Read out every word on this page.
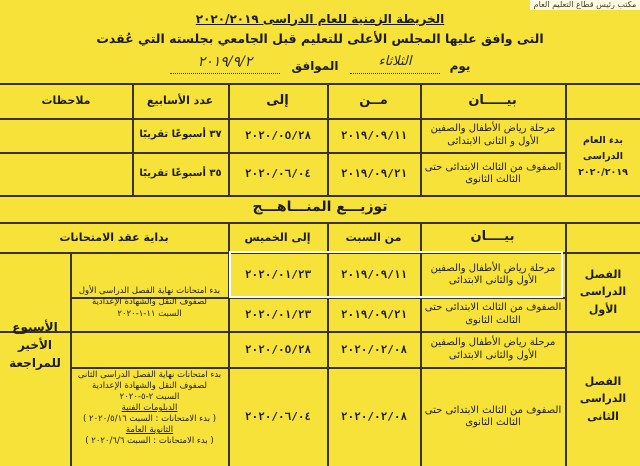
مكتب رئيس قطاع التعليم العام
الخريطة الزمنية للعام الدراسى ٢٠٢٠/٢٠١٩
التى وافق عليها المجلس الأعلى للتعليم قبل الجامعي بجلسته التي عُقدت
يوم
الثلاثاء
الموافق
٢٠١٩/٩/٢
بيـــــان
مــن
إلى
عدد الأسابيع
ملاحظات
بدء العام الدراسى ٢٠٢٠/٢٠١٩
مرحلة رياض الأطفال والصفين الأول و الثانى الابتدائى
٢٠١٩/٠٩/١١
٢٠٢٠/٠٥/٢٨
٣٧ أسبوعًا تقريبًا
الصفوف من الثالث الابتدائى حتى الثالث الثانوى
٢٠١٩/٠٩/٢١
٢٠٢٠/٠٦/٠٤
٣٥ أسبوعًا تقريبًا
توزيـــع المنـــاهـــج
بيــــان
من السبت
إلى الخميس
بداية عقد الامتحانات
الأسبوع الأخير للمراجعة
الفصل الدراسى الأول
الفصل الدراسى الثانى
مرحلة رياض الأطفال والصفين الأول والثانى الابتدائى
٢٠١٩/٠٩/١١
٢٠٢٠/٠١/٢٣
الصفوف من الثالث الابتدائى حتى الثالث الثانوى
٢٠١٩/٠٩/٢١
٢٠٢٠/٠١/٢٣
بدء امتحانات نهاية الفصل الدراسى الأول لصفوف النقل والشهادة الإعدادية
السبت ١١-١-٢٠٢٠
مرحلة رياض الأطفال والصفين الأول والثانى الابتدائى
٢٠٢٠/٠٢/٠٨
٢٠٢٠/٠٥/٢٨
الصفوف من الثالث الابتدائى حتى الثالث الثانوى
٢٠٢٠/٠٢/٠٨
٢٠٢٠/٠٦/٠٤
بدء امتحانات نهاية الفصل الدراسى الثانى لصفوف النقل والشهادة الإعدادية
السبت ٢-٥-٢٠٢٠
الدبلومات الفنية
( بدء الامتحانات : السبت ٢٠٢٠/٥/١٦ )
الثانوية العامة
( بدء الامتحانات : السبت ٢٠٢٠/٦/٦ )
